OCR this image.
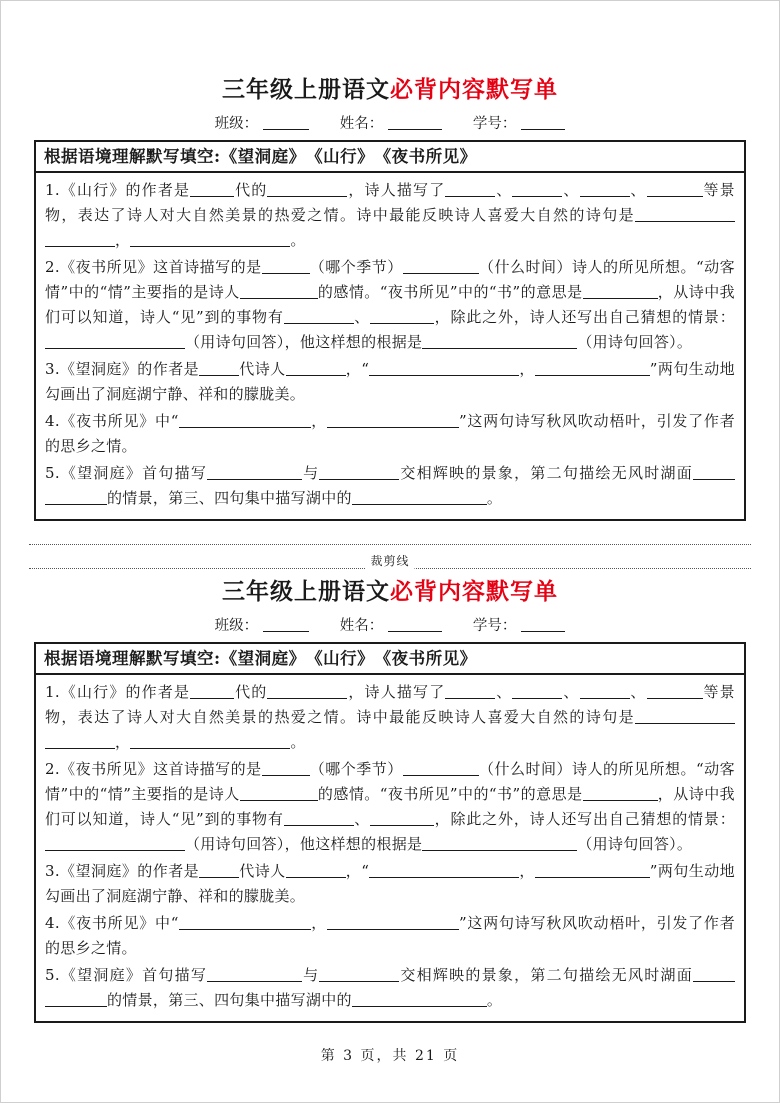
三年级上册语文必背内容默写单
班级：	姓名：	学号：
根据语境理解默写填空:《望洞庭》　《山行》　《夜书所见》
1.《山行》的作者是	代的	，诗人描写了	、	、	、	等景物，表达了诗人对大自然美景的热爱之情。诗中最能反映诗人喜爱大自然的诗句是，	。
2.《夜书所见》这首诗描写的是	（哪个季节）	（什么时间）诗人的所见所想。“动客情”中的“情”主要指的是诗人	的感情。“夜书所见”中的“书”的意思是	，从诗中我们可以知道，诗人“见”到的事物有	、	，除此之外，诗人还写出自己猜想的情景：（用诗句回答），他这样想的根据是	（用诗句回答）。
3.《望洞庭》的作者是	代诗人	，“	，	”两句生动地勾画出了洞庭湖宁静、祥和的朦胧美。
4.《夜书所见》中“	，	”这两句诗写秋风吹动梧叶，引发了作者的思乡之情。
5.《望洞庭》首句描写	与	交相辉映的景象，第二句描绘无风时湖面的情景，第三、四句集中描写湖中的	。
裁剪线
三年级上册语文必背内容默写单
班级：	姓名：	学号：
根据语境理解默写填空:《望洞庭》　《山行》　《夜书所见》
1.《山行》的作者是	代的	，诗人描写了	、	、	、	等景物，表达了诗人对大自然美景的热爱之情。诗中最能反映诗人喜爱大自然的诗句是，	。
2.《夜书所见》这首诗描写的是	（哪个季节）	（什么时间）诗人的所见所想。“动客情”中的“情”主要指的是诗人	的感情。“夜书所见”中的“书”的意思是	，从诗中我们可以知道，诗人“见”到的事物有	、	，除此之外，诗人还写出自己猜想的情景：（用诗句回答），他这样想的根据是	（用诗句回答）。
3.《望洞庭》的作者是	代诗人	，“	，	”两句生动地勾画出了洞庭湖宁静、祥和的朦胧美。
4.《夜书所见》中“	，	”这两句诗写秋风吹动梧叶，引发了作者的思乡之情。
5.《望洞庭》首句描写	与	交相辉映的景象，第二句描绘无风时湖面的情景，第三、四句集中描写湖中的	。
第 3 页，共 21 页
